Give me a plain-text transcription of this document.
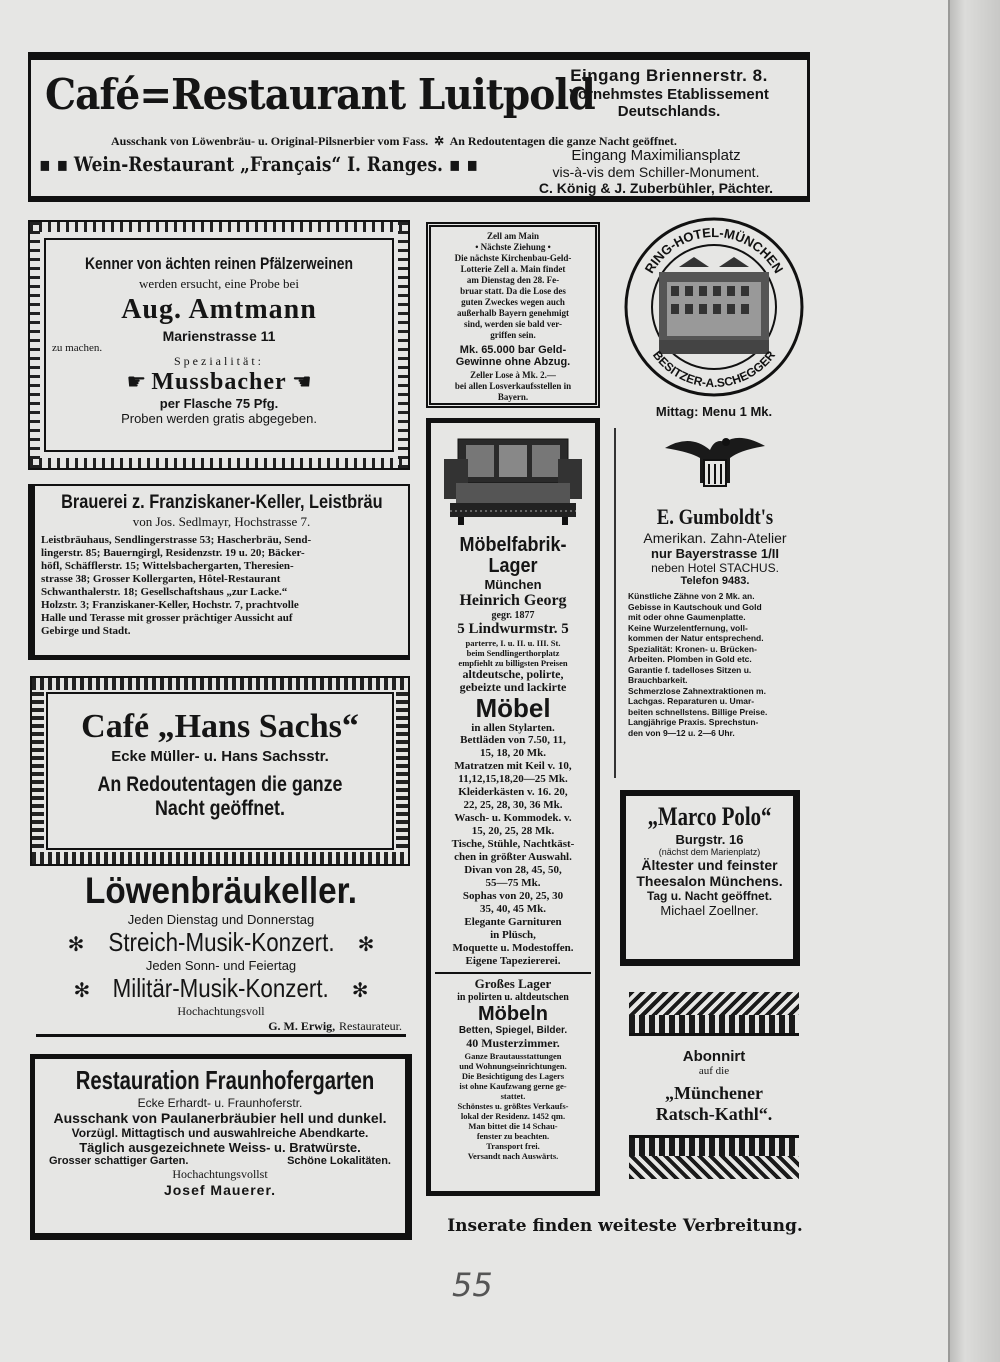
Café=Restaurant Luitpold
Eingang Briennerstr. 8.
Vornehmstes Etablissement
Deutschlands.
Ausschank von Löwenbräu- u. Original-Pilsnerbier vom Fass.  ✲  An Redoutentagen die ganze Nacht geöffnet.
▪ ▪ Wein-Restaurant „Français“ I. Ranges. ▪ ▪	Eingang Maximiliansplatz
vis-à-vis dem Schiller-Monument.
C. König & J. Zuberbühler, Pächter.
Kenner von ächten reinen Pfälzerweinen
werden ersucht, eine Probe bei
Aug. Amtmann
Marienstrasse 11
zu machen.
Spezialität:
☛ Mussbacher ☛
per Flasche 75 Pfg.
Proben werden gratis abgegeben.
Brauerei z. Franziskaner-Keller, Leistbräu
von Jos. Sedlmayr, Hochstrasse 7.
Leistbräuhaus, Sendlingerstrasse 53; Hascherbräu, Send-
lingerstr. 85; Bauerngirgl, Residenzstr. 19 u. 20; Bäcker-
höfl, Schäfflerstr. 15; Wittelsbachergarten, Theresien-
strasse 38; Grosser Kollergarten, Hôtel-Restaurant
Schwanthalerstr. 18; Gesellschaftshaus „zur Lacke.“
Holzstr. 3; Franziskaner-Keller, Hochstr. 7, prachtvolle
Halle und Terasse mit grosser prächtiger Aussicht auf
Gebirge und Stadt.
Café „Hans Sachs“
Ecke Müller- u. Hans Sachsstr.
An Redoutentagen die ganze
Nacht geöffnet.
Löwenbräukeller.
Jeden Dienstag und Donnerstag
✻ Streich-Musik-Konzert. ✻
Jeden Sonn- und Feiertag
✻ Militär-Musik-Konzert. ✻
Hochachtungsvoll
G. M. Erwig, Restaurateur.
Restauration Fraunhofergarten
Ecke Erhardt- u. Fraunhoferstr.
Ausschank von Paulanerbräubier hell und dunkel.
Vorzügl. Mittagtisch und auswahlreiche Abendkarte.
Täglich ausgezeichnete Weiss- u. Bratwürste.
Grosser schattiger Garten.	Schöne Lokalitäten.
Hochachtungsvollst
Josef Mauerer.
Zell am Main
• Nächste Ziehung •
Die nächste Kirchenbau-Geld-
Lotterie Zell a. Main findet
am Dienstag den 28. Fe-
bruar statt. Da die Lose des
guten Zweckes wegen auch
außerhalb Bayern genehmigt
sind, werden sie bald ver-
griffen sein.
Mk. 65.000 bar Geld-
Gewinne ohne Abzug.
Zeller Lose à Mk. 2.—
bei allen Losverkaufsstellen in
Bayern.
Möbelfabrik-
Lager
München
Heinrich Georg
gegr. 1877
5 Lindwurmstr. 5
parterre, I. u. II. u. III. St.
beim Sendlingerthorplatz
empfiehlt zu billigsten Preisen
altdeutsche, polirte,
gebeizte und lackirte
Möbel
in allen Stylarten.
Bettläden von 7.50, 11,
15, 18, 20 Mk.
Matratzen mit Keil v. 10,
11,12,15,18,20—25 Mk.
Kleiderkästen v. 16. 20,
22, 25, 28, 30, 36 Mk.
Wasch- u. Kommodek. v.
15, 20, 25, 28 Mk.
Tische, Stühle, Nachtkäst-
chen in größter Auswahl.
Divan von 28, 45, 50,
55—75 Mk.
Sophas von 20, 25, 30
35, 40, 45 Mk.
Elegante Garnituren
in Plüsch,
Moquette u. Modestoffen.
Eigene Tapeziererei.
Großes Lager
in polirten u. altdeutschen
Möbeln
Betten, Spiegel, Bilder.
40 Musterzimmer.
Ganze Brautausstattungen
und Wohnungseinrichtungen.
Die Besichtigung des Lagers
ist ohne Kaufzwang gerne ge-
stattet.
Schönstes u. größtes Verkaufs-
lokal der Residenz. 1452 qm.
Man bittet die 14 Schau-
fenster zu beachten.
Transport frei.
Versandt nach Auswärts.
RING-HOTEL-MÜNCHEN
BESITZER-A.SCHEGGER
Mittag: Menu 1 Mk.
E. Gumboldt's
Amerikan. Zahn-Atelier
nur Bayerstrasse 1/II
neben Hotel STACHUS.
Telefon 9483.
Künstliche Zähne von 2 Mk. an.
Gebisse in Kautschouk und Gold
mit oder ohne Gaumenplatte.
Keine Wurzelentfernung, voll-
kommen der Natur entsprechend.
Spezialität: Kronen- u. Brücken-
Arbeiten. Plomben in Gold etc.
Garantie f. tadelloses Sitzen u.
Brauchbarkeit.
Schmerzlose Zahnextraktionen m.
Lachgas. Reparaturen u. Umar-
beiten schnellstens. Billige Preise.
Langjährige Praxis. Sprechstun-
den von 9—12 u. 2—6 Uhr.
„Marco Polo“
Burgstr. 16
(nächst dem Marienplatz)
Ältester und feinster
Theesalon Münchens.
Tag u. Nacht geöffnet.
Michael Zoellner.
Abonnirt
auf die
„Münchener
Ratsch-Kathl“.
Inserate finden weiteste Verbreitung.
55
